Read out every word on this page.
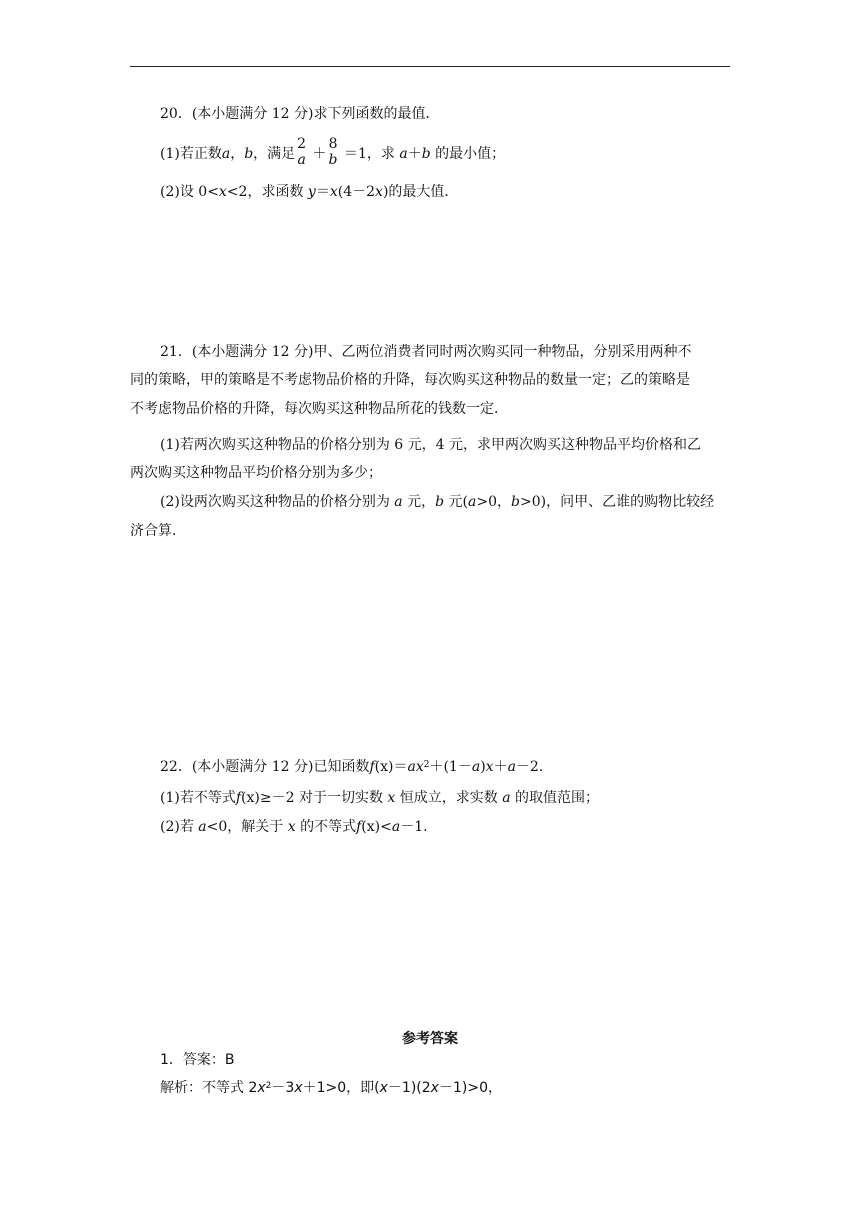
20．(本小题满分 12 分)求下列函数的最值．
(1)若正数a，b，满足
2
a ＋
8
b ＝1，求 a＋b 的最小值；
(2)设 0<x<2，求函数 y＝x(4－2x)的最大值．
21．(本小题满分 12 分)甲、乙两位消费者同时两次购买同一种物品，分别采用两种不
同的策略，甲的策略是不考虑物品价格的升降，每次购买这种物品的数量一定；乙的策略是
不考虑物品价格的升降，每次购买这种物品所花的钱数一定．
(1)若两次购买这种物品的价格分别为 6 元，4 元，求甲两次购买这种物品平均价格和乙
两次购买这种物品平均价格分别为多少；
(2)设两次购买这种物品的价格分别为 a 元，b 元(a>0，b>0)，问甲、乙谁的购物比较经
济合算．
22．(本小题满分 12 分)已知函数$f(x)=ax^2+(1-a)x+a-2$．
(1)若不等式f(x)≥－2 对于一切实数 x 恒成立，求实数 a 的取值范围；
(2)若 a<0，解关于 x 的不等式f(x)<a－1.
参考答案
1．答案：B
解析：不等式 $2x^2-3x+1>0$，即(x－1)(2x－1)>0，
